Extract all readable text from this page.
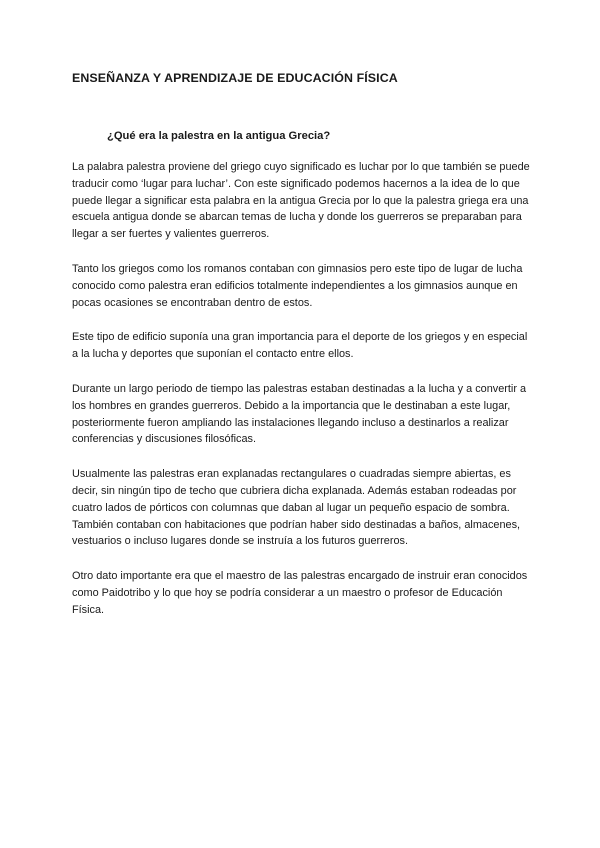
ENSEÑANZA Y APRENDIZAJE DE EDUCACIÓN FÍSICA
¿Qué era la palestra en la antigua Grecia?

La palabra palestra proviene del griego cuyo significado es luchar por lo que también se puede traducir como ‘lugar para luchar’. Con este significado podemos hacernos a la idea de lo que puede llegar a significar esta palabra en la antigua Grecia por lo que la palestra griega era una escuela antigua donde se abarcan temas de lucha y donde los guerreros se preparaban para llegar a ser fuertes y valientes guerreros.

Tanto los griegos como los romanos contaban con gimnasios pero este tipo de lugar de lucha conocido como palestra eran edificios totalmente independientes a los gimnasios aunque en pocas ocasiones se encontraban dentro de estos.

Este tipo de edificio suponía una gran importancia para el deporte de los griegos y en especial a la lucha y deportes que suponían el contacto entre ellos.

Durante un largo periodo de tiempo las palestras estaban destinadas a la lucha y a convertir a los hombres en grandes guerreros. Debido a la importancia que le destinaban a este lugar, posteriormente fueron ampliando las instalaciones llegando incluso a destinarlos a realizar conferencias y discusiones filosóficas.

Usualmente las palestras eran explanadas rectangulares o cuadradas siempre abiertas, es decir, sin ningún tipo de techo que cubriera dicha explanada. Además estaban rodeadas por cuatro lados de pórticos con columnas que daban al lugar un pequeño espacio de sombra. También contaban con habitaciones que podrían haber sido destinadas a baños, almacenes, vestuarios o incluso lugares donde se instruía a los futuros guerreros.

Otro dato importante era que el maestro de las palestras encargado de instruir eran conocidos como Paidotribo y lo que hoy se podría considerar a un maestro o profesor de Educación Física.
